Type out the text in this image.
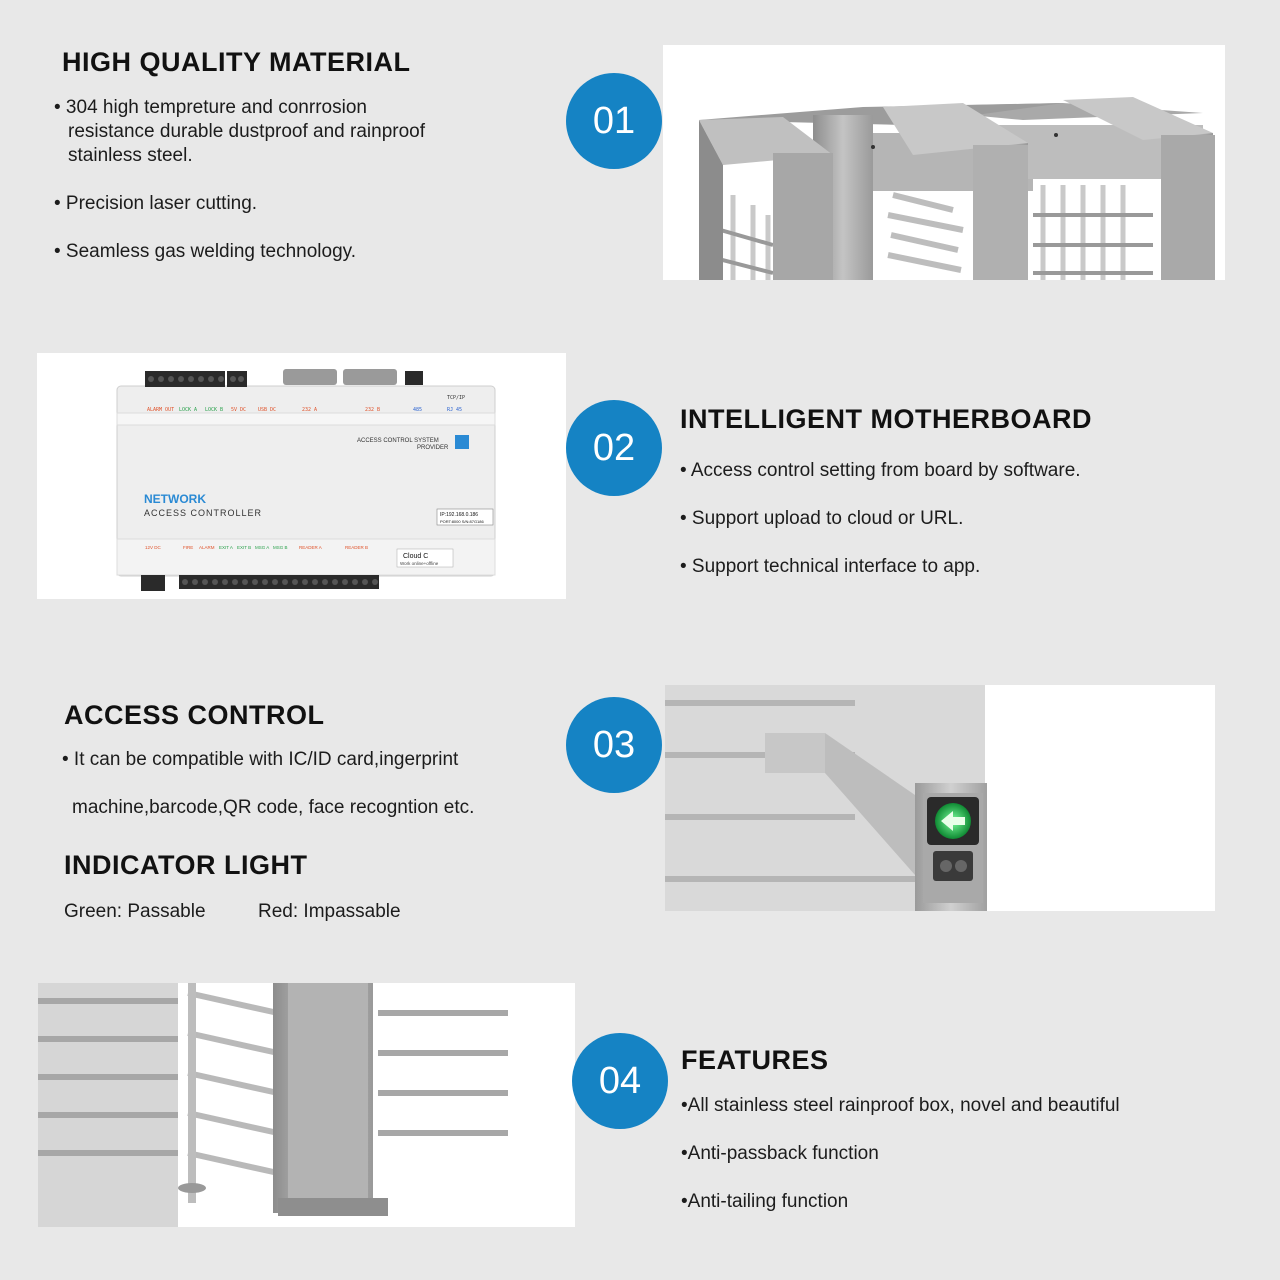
HIGH QUALITY MATERIAL
• 304 high tempreture and conrrosion
resistance durable dustproof and rainproof
stainless steel.
• Precision laser cutting.
• Seamless gas welding technology.
01
ALARM OUT LOCK A LOCK B 5V DC USB DC	232 A	232 B	485	RJ 45
TCP/IP
ACCESS CONTROL SYSTEM
PROVIDER
NETWORK
ACCESS CONTROLLER	IP:192.168.0.186
PORT:8000 S/N:87G186
Cloud C
Work online+offline
12V DC	FIRE ALARM EXIT A EXIT B MSG A MSG B	READER A	READER B
02
INTELLIGENT MOTHERBOARD
• Access control setting from board by software.
• Support upload to cloud or URL.
• Support technical interface to app.
ACCESS CONTROL
• It can be compatible with IC/ID card,ingerprint
machine,barcode,QR code, face recogntion etc.
INDICATOR LIGHT
Green: Passable	Red: Impassable
03
04	FEATURES
•All stainless steel rainproof box, novel and beautiful
•Anti-passback function
•Anti-tailing function
